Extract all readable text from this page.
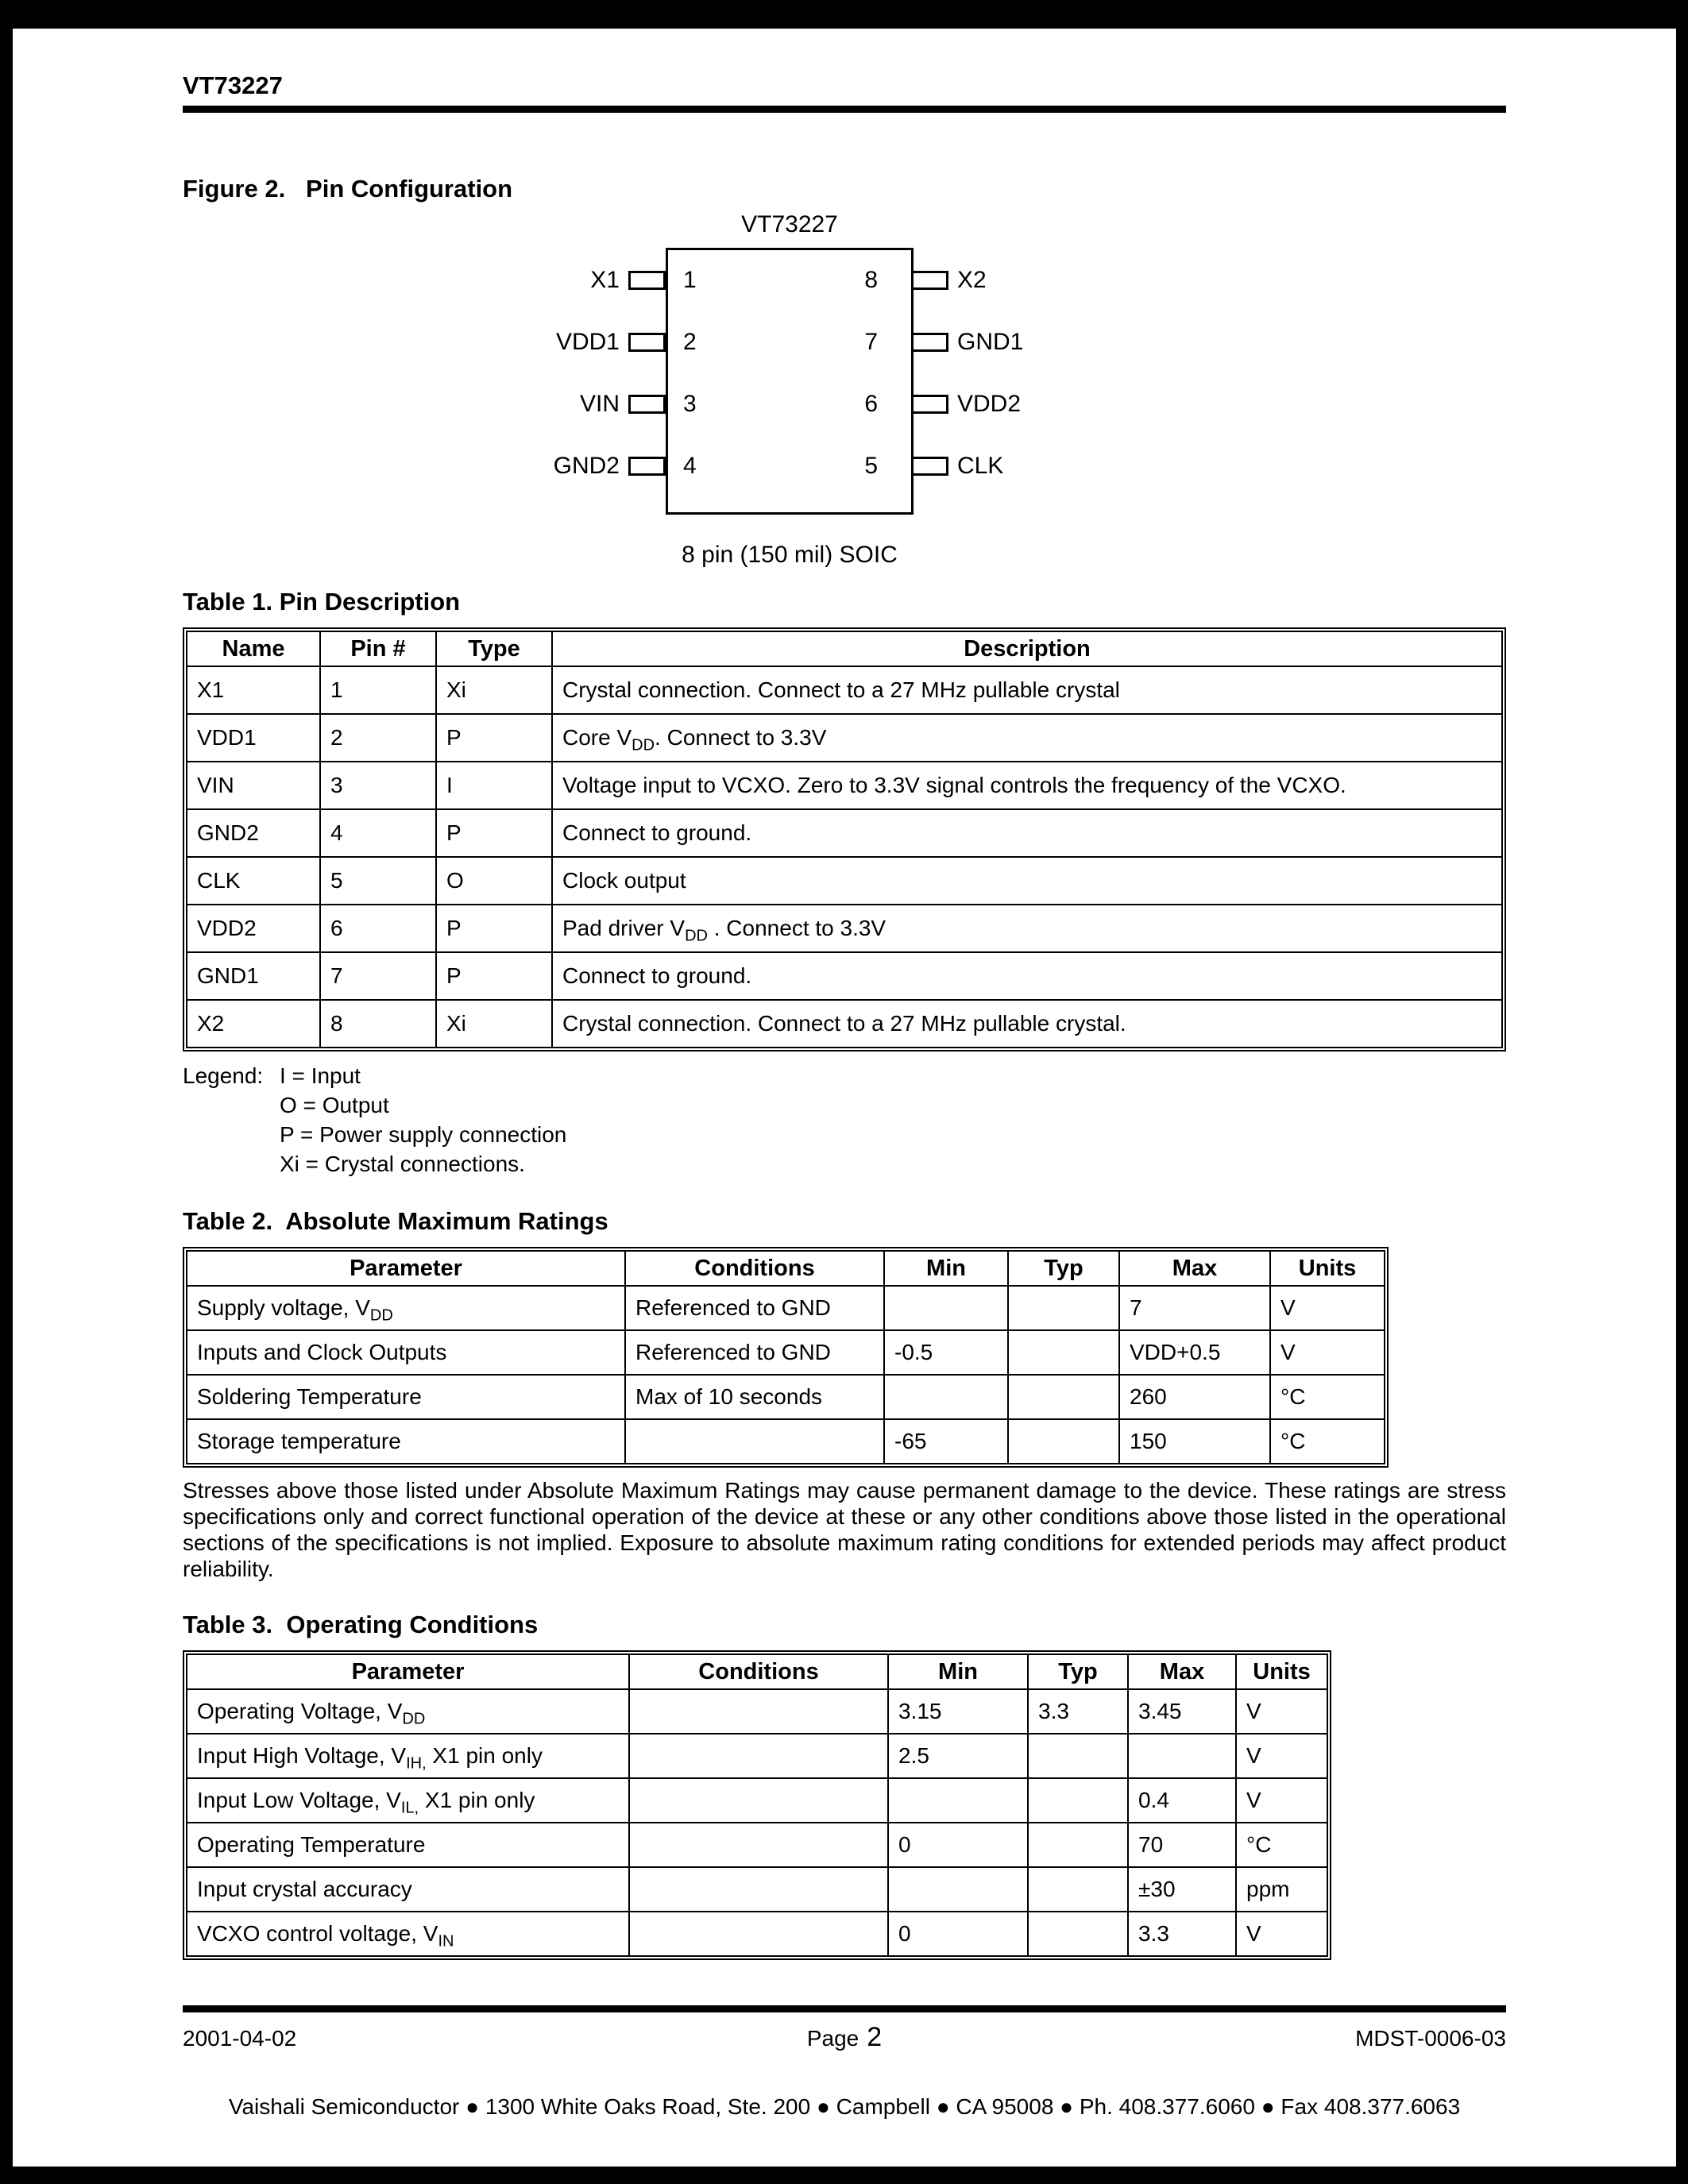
VT73227
Figure 2.   Pin Configuration
VT73227
X1	1
VDD1	2
VIN	3
GND2	4
8	X2
7	GND1
6	VDD2
5	CLK
8 pin (150 mil) SOIC
Table 1. Pin Description
Name	Pin #	Type	Description
X1	1	Xi	Crystal connection. Connect to a 27 MHz pullable crystal
VDD1	2	P	Core $V_{DD}$. Connect to 3.3V
VIN	3	I	Voltage input to VCXO. Zero to 3.3V signal controls the frequency of the VCXO.
GND2	4	P	Connect to ground.
CLK	5	O	Clock output
VDD2	6	P	Pad driver $V_{DD}$ . Connect to 3.3V
GND1	7	P	Connect to ground.
X2	8	Xi	Crystal connection. Connect to a 27 MHz pullable crystal.
Legend: I = Input
O = Output
P = Power supply connection
Xi = Crystal connections.
Table 2.  Absolute Maximum Ratings
Parameter	Conditions	Min	Typ	Max	Units
Supply voltage, $V_{DD}$	Referenced to GND			7	V
Inputs and Clock Outputs	Referenced to GND	-0.5		VDD+0.5	V
Soldering Temperature	Max of 10 seconds			260	°C
Storage temperature		-65		150	°C
Stresses above those listed under Absolute Maximum Ratings may cause permanent damage to the device. These ratings are stress specifications only and correct functional operation of the device at these or any other conditions above those listed in the operational sections of the specifications is not implied. Exposure to absolute maximum rating conditions for extended periods may affect product reliability.
Table 3.  Operating Conditions
Parameter	Conditions	Min	Typ	Max	Units
Operating Voltage, $V_{DD}$		3.15	3.3	3.45	V
Input High Voltage, $V_{IH,}$ X1 pin only		2.5			V
Input Low Voltage, $V_{IL,}$ X1 pin only				0.4	V
Operating Temperature		0		70	°C
Input crystal accuracy				±30	ppm
VCXO control voltage, $V_{IN}$		0		3.3	V
2001-04-02	Page 2	MDST-0006-03
Vaishali Semiconductor ● 1300 White Oaks Road, Ste. 200 ● Campbell ● CA 95008 ● Ph. 408.377.6060 ● Fax 408.377.6063
